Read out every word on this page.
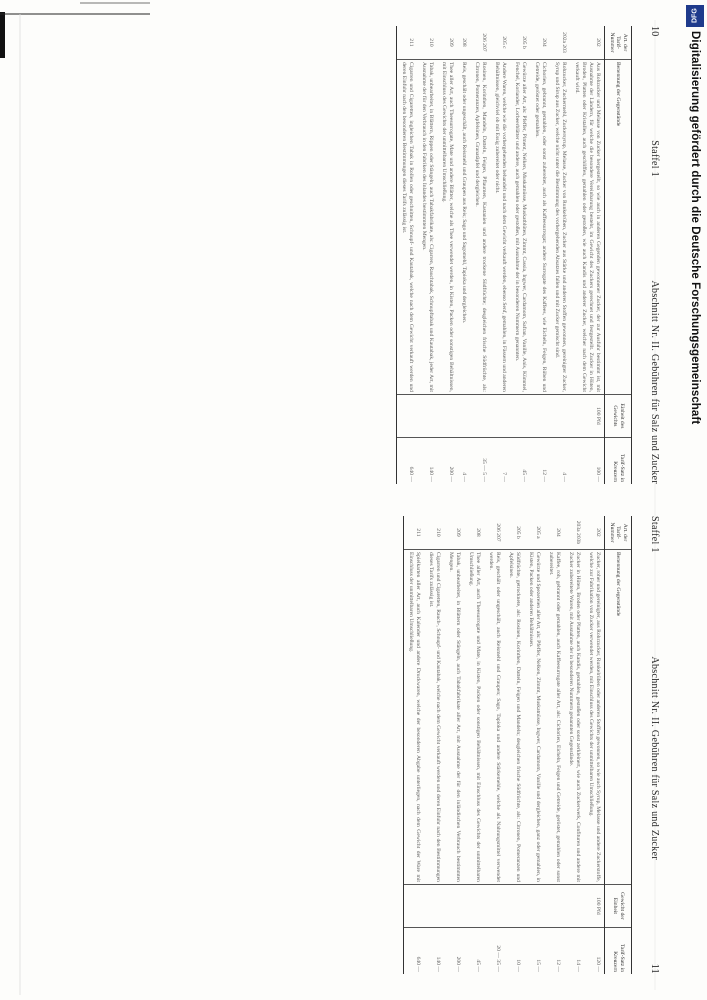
10
Staffel 1
Abschnitt Nr. II. Gebühren für Salz und Zucker
Art. der Tarif-Nummer	Benennung der Gegenstände	Einheit des Gewichts	Tarif-Satz in Kreuzern
202	Aus Rohzucker und Melasse von Zucker hergestellt, so wie auch in anderen Gegenden gewonnener Zucker, der zur Ausfuhr bestimmt ist, mit Ausnahme der Ländern, für welche die besondere Vereinbarung besteht, im Gewicht des Zuckers gerechnet und festgestellt. Zucker in Hüten, Broden, Platten oder Kristallen, auch geschliffen, gemahlen oder gestoßen, wie auch Kandis und anderer Zucker, welcher nach dem Gewicht verkauft wird.	100 Pfd	100 —
202a 203	Rohzucker, Zuckermehl, Zuckersyrup, Melasse, Zucker von Runkelrüben, Zucker aus Stärke und anderen Stoffen gewonnen, gereinigter Zucker, Syrup und Sirup aus Zucker, welche nicht unter die Bestimmung des vorhergehenden Absatzes fallen und mit Zucker gemischt sind.		4 —
204	Cichorien, gebrannt, gemahlen, oder sonst zubereitet, auch als Kaffeesurrogat; andere Surrogate des Kaffees, wie Eicheln, Feigen, Rüben und Getreide, geröstet oder gemahlen.		12 —
205 b	Gewürze aller Art, als: Pfeffer, Piment, Nelken, Muskatnüsse, Muskatblüten, Zimmt, Cassia, Ingwer, Cardamom, Safran, Vanille, Anis, Kümmel, Fenchel, Koriander, Lorbeerblätter und andere, auch gemahlen oder gestoßen, mit Ausnahme der in besonderen Nummern genannten.		45 —
205 c	Andere Waren, welche wie die vorhergehenden behandelt und nach dem Gewicht verkauft werden, ebenso Senf, gemahlen, in Fässern und anderen Behältnissen, gleichviel ob mit Essig zubereitet oder nicht.		7 —
206 207	Rosinen, Korinthen, Mandeln, Datteln, Feigen, Pflaumen, Kastanien und andere trockene Südfrüchte; desgleichen frische Südfrüchte, als: Citronen, Pomeranzen, Apfelsinen, Granatäpfel und dergleichen.		35 — 5 —
208	Reis, geschält oder ungeschält, auch Reismehl und Graupen aus Reis; Sago und Sagomehl, Tapioka und dergleichen.		4 —
209	Thee aller Art, auch Theesurrogate, Mate und andere Blätter, welche als Thee verwendet werden, in Kisten, Packen oder sonstigen Behältnissen, mit Einschluss des Gewichts der unmittelbaren Umschließung.		200 —
210	Tabak, unbearbeitet, in Blättern, Rippen oder Stängeln, auch Tabakfabrikate, als: Cigarren, Rauchtabak, Schnupftabak und Kautabak, jeder Art, mit Ausnahme der für den Verbrauch in den Fabriken des Inlandes bestimmten Mengen.		140 —
211	Cigarren und Cigaretten, ingleichen Tabak in Rollen oder geschnitten, Schnupf- und Kautabak, welche nach dem Gewicht verkauft werden und deren Einfuhr nach den besonderen Bestimmungen dieses Tarifs zulässig ist.		640 —
Staffel 1
Abschnitt Nr. II. Gebühren für Salz und Zucker
11
Art. der Tarif-Nummer	Benennung der Gegenstände	Gewicht der Einheit	Tarif-Satz in Kreuzern
202	Zucker, roher und gereinigter, aus Rohrzucker, Runkelrüben oder anderen Stoffen gewonnen, so wie auch Syrup, Melasse und andere Zuckerstoffe, welche zur Fabrikation von Zucker verwendet werden, mit Einschluss des Gewichts der unmittelbaren Umschließung.	100 Pfd	120 —
203a 203b	Zucker in Hüten, Broden oder Platten, auch Kandis, gemahlen, gestoßen oder sonst zerkleinert, wie auch Zuckerwerk, Confituren und andere mit Zucker zubereitete Waren, mit Ausnahme der in besonderen Nummern genannten Gegenstände.		14 —
204	Kaffee, roh, gebrannt oder gemahlen, auch Kaffeesurrogate aller Art, als: Cichorien, Eicheln, Feigen und Getreide, geröstet, gemahlen oder sonst zubereitet.		12 —
205 a	Gewürze und Spezereien aller Art, als: Pfeffer, Nelken, Zimmt, Muskatnüsse, Ingwer, Cardamom, Vanille und dergleichen, ganz oder gemahlen, in Kisten, Packen oder anderen Behältnissen.		15 —
205 b	Südfrüchte, getrocknete, als: Rosinen, Korinthen, Datteln, Feigen und Mandeln; desgleichen frische Südfrüchte, als: Citronen, Pomeranzen und Apfelsinen.		10 —
206 207	Reis, geschält oder ungeschält, auch Reismehl und Graupen; Sago, Tapioka und andere Stärkemehle, welche als Nahrungsmittel verwendet werden.		20 — 35 —
208	Thee aller Art, auch Theesurrogate und Mate, in Kisten, Packen oder sonstigen Behältnissen, mit Einschluss des Gewichts der unmittelbaren Umschließung.		45 —
209	Tabak, unbearbeitet, in Blättern oder Stängeln, auch Tabakfabrikate aller Art, mit Ausnahme der für den inländischen Verbrauch bestimmten Mengen.		200 —
210	Cigarren und Cigaretten, Rauch-, Schnupf- und Kautabak, welche nach dem Gewicht verkauft werden und deren Einfuhr nach den Bestimmungen dieses Tarifs zulässig ist.		140 —
211	Spielkarten aller Art, auch Kalender und andere Druckwaren, welche der besonderen Abgabe unterliegen, nach dem Gewicht der Ware mit Einschluss der unmittelbaren Umschließung.		640 —
DFG
Digitalisierung gefördert durch die Deutsche Forschungsgemeinschaft
